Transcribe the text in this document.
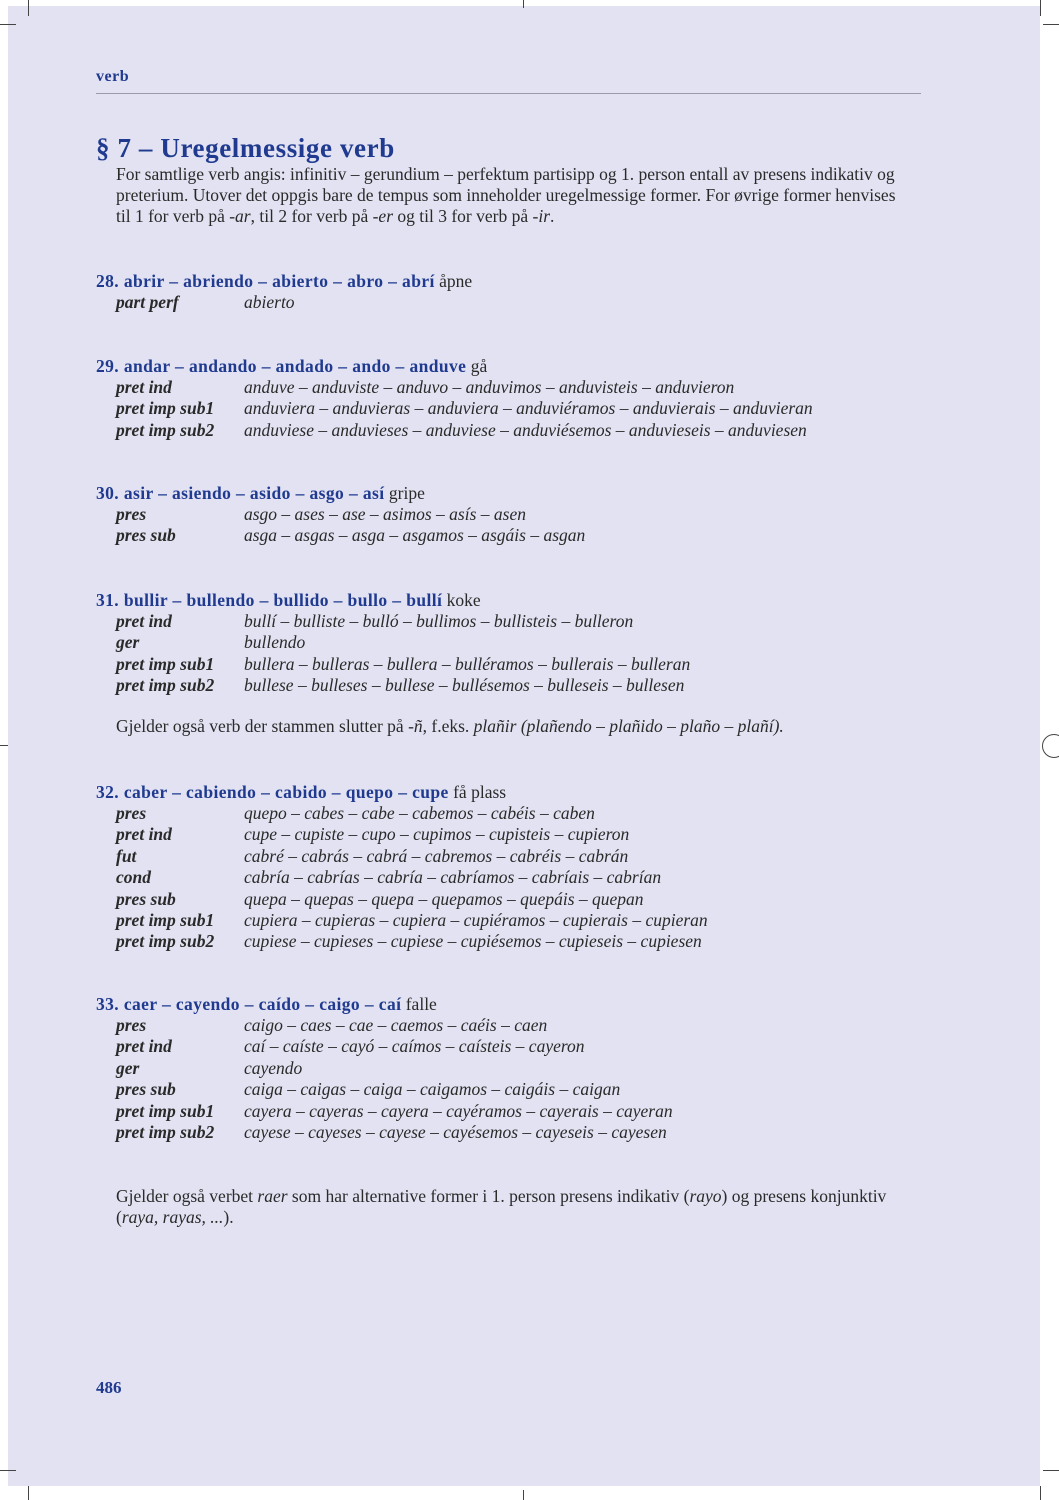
verb
§ 7 – Uregelmessige verb
For samtlige verb angis: infinitiv – gerundium – perfektum partisipp og 1. person entall av presens indikativ og preterium. Utover det oppgis bare de tempus som inneholder uregelmessige former. For øvrige former henvises til 1 for verb på -ar, til 2 for verb på -er og til 3 for verb på -ir.
28. abrir – abriendo – abierto – abro – abrí åpne
part perf	abierto
29. andar – andando – andado – ando – anduve gå
pret ind	anduve – anduviste – anduvo – anduvimos – anduvisteis – anduvieron
pret imp sub1	anduviera – anduvieras – anduviera – anduviéramos – anduvierais – anduvieran
pret imp sub2	anduviese – anduvieses – anduviese – anduviésemos – anduvieseis – anduviesen
30. asir – asiendo – asido – asgo – así gripe
pres	asgo – ases – ase – asimos – asís – asen
pres sub	asga – asgas – asga – asgamos – asgáis – asgan
31. bullir – bullendo – bullido – bullo – bullí koke
pret ind	bullí – bulliste – bulló – bullimos – bullisteis – bulleron
ger	bullendo
pret imp sub1	bullera – bulleras – bullera – bulléramos – bullerais – bulleran
pret imp sub2	bullese – bulleses – bullese – bullésemos – bulleseis – bullesen
32. caber – cabiendo – cabido – quepo – cupe få plass
pres	quepo – cabes – cabe – cabemos – cabéis – caben
pret ind	cupe – cupiste – cupo – cupimos – cupisteis – cupieron
fut	cabré – cabrás – cabrá – cabremos – cabréis – cabrán
cond	cabría – cabrías – cabría – cabríamos – cabríais – cabrían
pres sub	quepa – quepas – quepa – quepamos – quepáis – quepan
pret imp sub1	cupiera – cupieras – cupiera – cupiéramos – cupierais – cupieran
pret imp sub2	cupiese – cupieses – cupiese – cupiésemos – cupieseis – cupiesen
33. caer – cayendo – caído – caigo – caí falle
pres	caigo – caes – cae – caemos – caéis – caen
pret ind	caí – caíste – cayó – caímos – caísteis – cayeron
ger	cayendo
pres sub	caiga – caigas – caiga – caigamos – caigáis – caigan
pret imp sub1	cayera – cayeras – cayera – cayéramos – cayerais – cayeran
pret imp sub2	cayese – cayeses – cayese – cayésemos – cayeseis – cayesen
Gjelder også verb der stammen slutter på -ñ, f.eks. plañir (plañendo – plañido – plaño – plañí).
Gjelder også verbet raer som har alternative former i 1. person presens indikativ (rayo) og presens konjunktiv (raya, rayas, ...).
486
